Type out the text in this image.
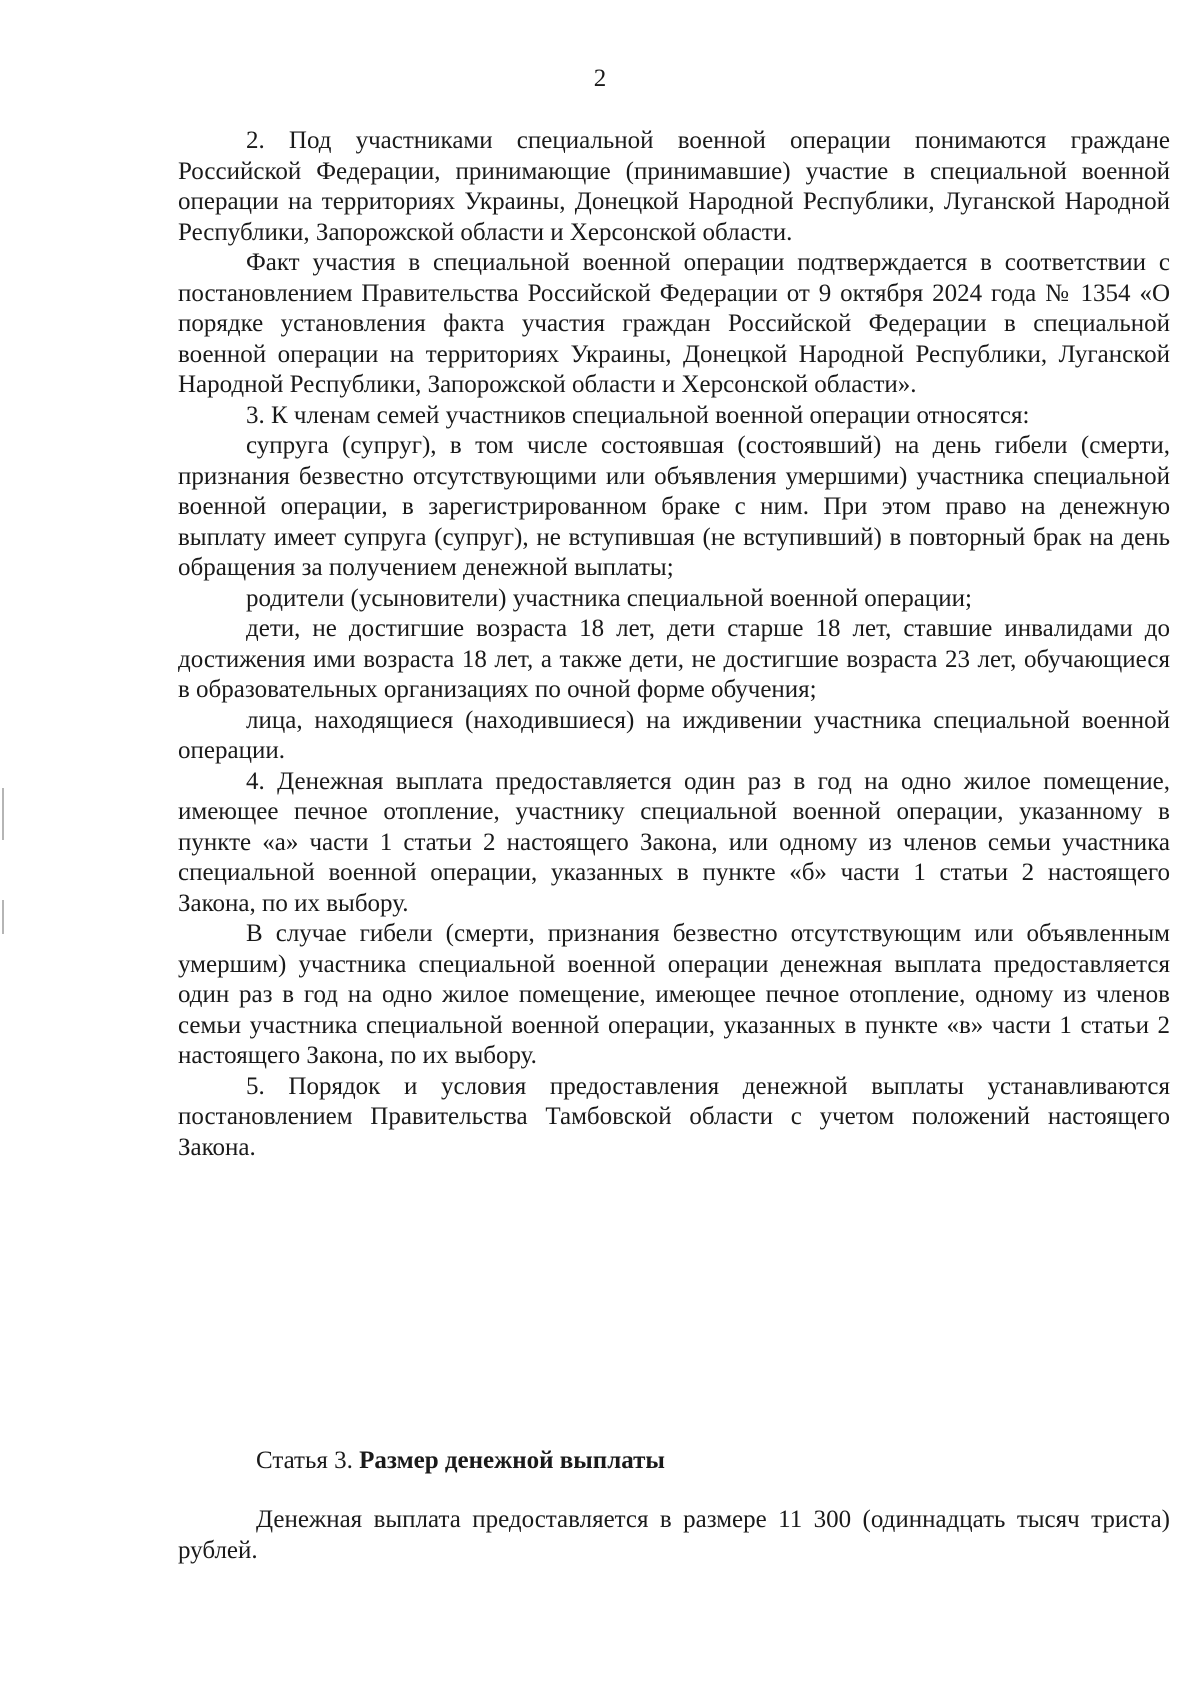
2

2. Под участниками специальной военной операции понимаются граждане Российской Федерации, принимающие (принимавшие) участие в специальной военной операции на территориях Украины, Донецкой Народной Республики, Луганской Народной Республики, Запорожской области и Херсонской области.

Факт участия в специальной военной операции подтверждается в соответствии с постановлением Правительства Российской Федерации от 9 октября 2024 года № 1354 «О порядке установления факта участия граждан Российской Федерации в специальной военной операции на территориях Украины, Донецкой Народной Республики, Луганской Народной Республики, Запорожской области и Херсонской области».

3. К членам семей участников специальной военной операции относятся:

супруга (супруг), в том числе состоявшая (состоявший) на день гибели (смерти, признания безвестно отсутствующими или объявления умершими) участника специальной военной операции, в зарегистрированном браке с ним. При этом право на денежную выплату имеет супруга (супруг), не вступившая (не вступивший) в повторный брак на день обращения за получением денежной выплаты;

родители (усыновители) участника специальной военной операции;

дети, не достигшие возраста 18 лет, дети старше 18 лет, ставшие инвалидами до достижения ими возраста 18 лет, а также дети, не достигшие возраста 23 лет, обучающиеся в образовательных организациях по очной форме обучения;

лица, находящиеся (находившиеся) на иждивении участника специальной военной операции.

4. Денежная выплата предоставляется один раз в год на одно жилое помещение, имеющее печное отопление, участнику специальной военной операции, указанному в пункте «а» части 1 статьи 2 настоящего Закона, или одному из членов семьи участника специальной военной операции, указанных в пункте «б» части 1 статьи 2 настоящего Закона, по их выбору.

В случае гибели (смерти, признания безвестно отсутствующим или объявленным умершим) участника специальной военной операции денежная выплата предоставляется один раз в год на одно жилое помещение, имеющее печное отопление, одному из членов семьи участника специальной военной операции, указанных в пункте «в» части 1 статьи 2 настоящего Закона, по их выбору.

5. Порядок и условия предоставления денежной выплаты устанавливаются постановлением Правительства Тамбовской области с учетом положений настоящего Закона.

Статья 3. Размер денежной выплаты

Денежная выплата предоставляется в размере 11 300 (одиннадцать тысяч триста) рублей.
